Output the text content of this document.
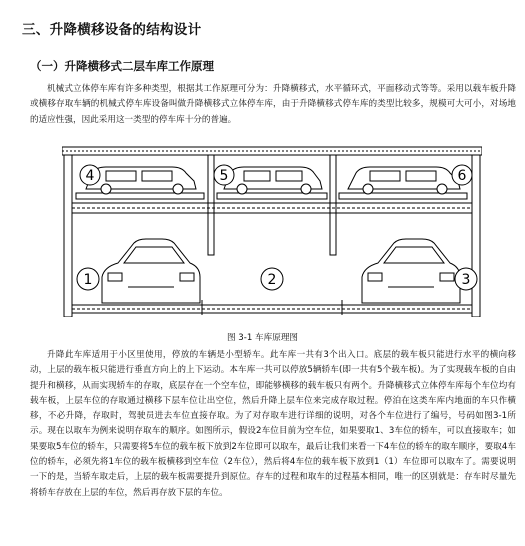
三、升降横移设备的结构设计
（一）升降横移式二层车库工作原理
机械式立体停车库有许多种类型，根据其工作原理可分为：升降横移式，水平循环式，平面移动式等等。采用以载车板升降或横移存取车辆的机械式停车库设备叫做升降横移式立体停车库，由于升降横移式停车库的类型比较多，规模可大可小，对场地的适应性强，因此采用这一类型的停车库十分的普遍。
4	5	6
1	2	3
图 3-1 车库原理图
升降此车库适用于小区里使用，停放的车辆是小型轿车。此车库一共有3个出入口。底层的载车板只能进行水平的横向移动，上层的载车板只能进行垂直方向上的上下运动。本车库一共可以停放5辆轿车(即一共有5个载车板)。为了实现载车板的自由提升和横移，从而实现轿车的存取，底层存在一个空车位，即能够横移的载车板只有两个。升降横移式立体停车库每个车位均有载车板，上层车位的存取通过横移下层车位让出空位，然后升降上层车位来完成存取过程。停泊在这类车库内地面的车只作横移，不必升降，存取时，驾驶员进去车位直接存取。为了对存取车进行详细的说明，对各个车位进行了编号，号码如图3-1所示。现在以取车为例来说明存取车的顺序。如图所示，假设2车位目前为空车位，如果要取1、3车位的轿车，可以直接取车；如果要取5车位的轿车，只需要将5车位的载车板下放到2车位即可以取车，最后让我们来看一下4车位的轿车的取车顺序，要取4车位的轿车，必须先将1车位的载车板横移到空车位（2车位），然后将4车位的载车板下放到1（1）车位即可以取车了。需要说明一下的是，当轿车取走后，上层的载车板需要提升到原位。存车的过程和取车的过程基本相同，唯一的区别就是：存车时尽量先将轿车存放在上层的车位，然后再存放下层的车位。
